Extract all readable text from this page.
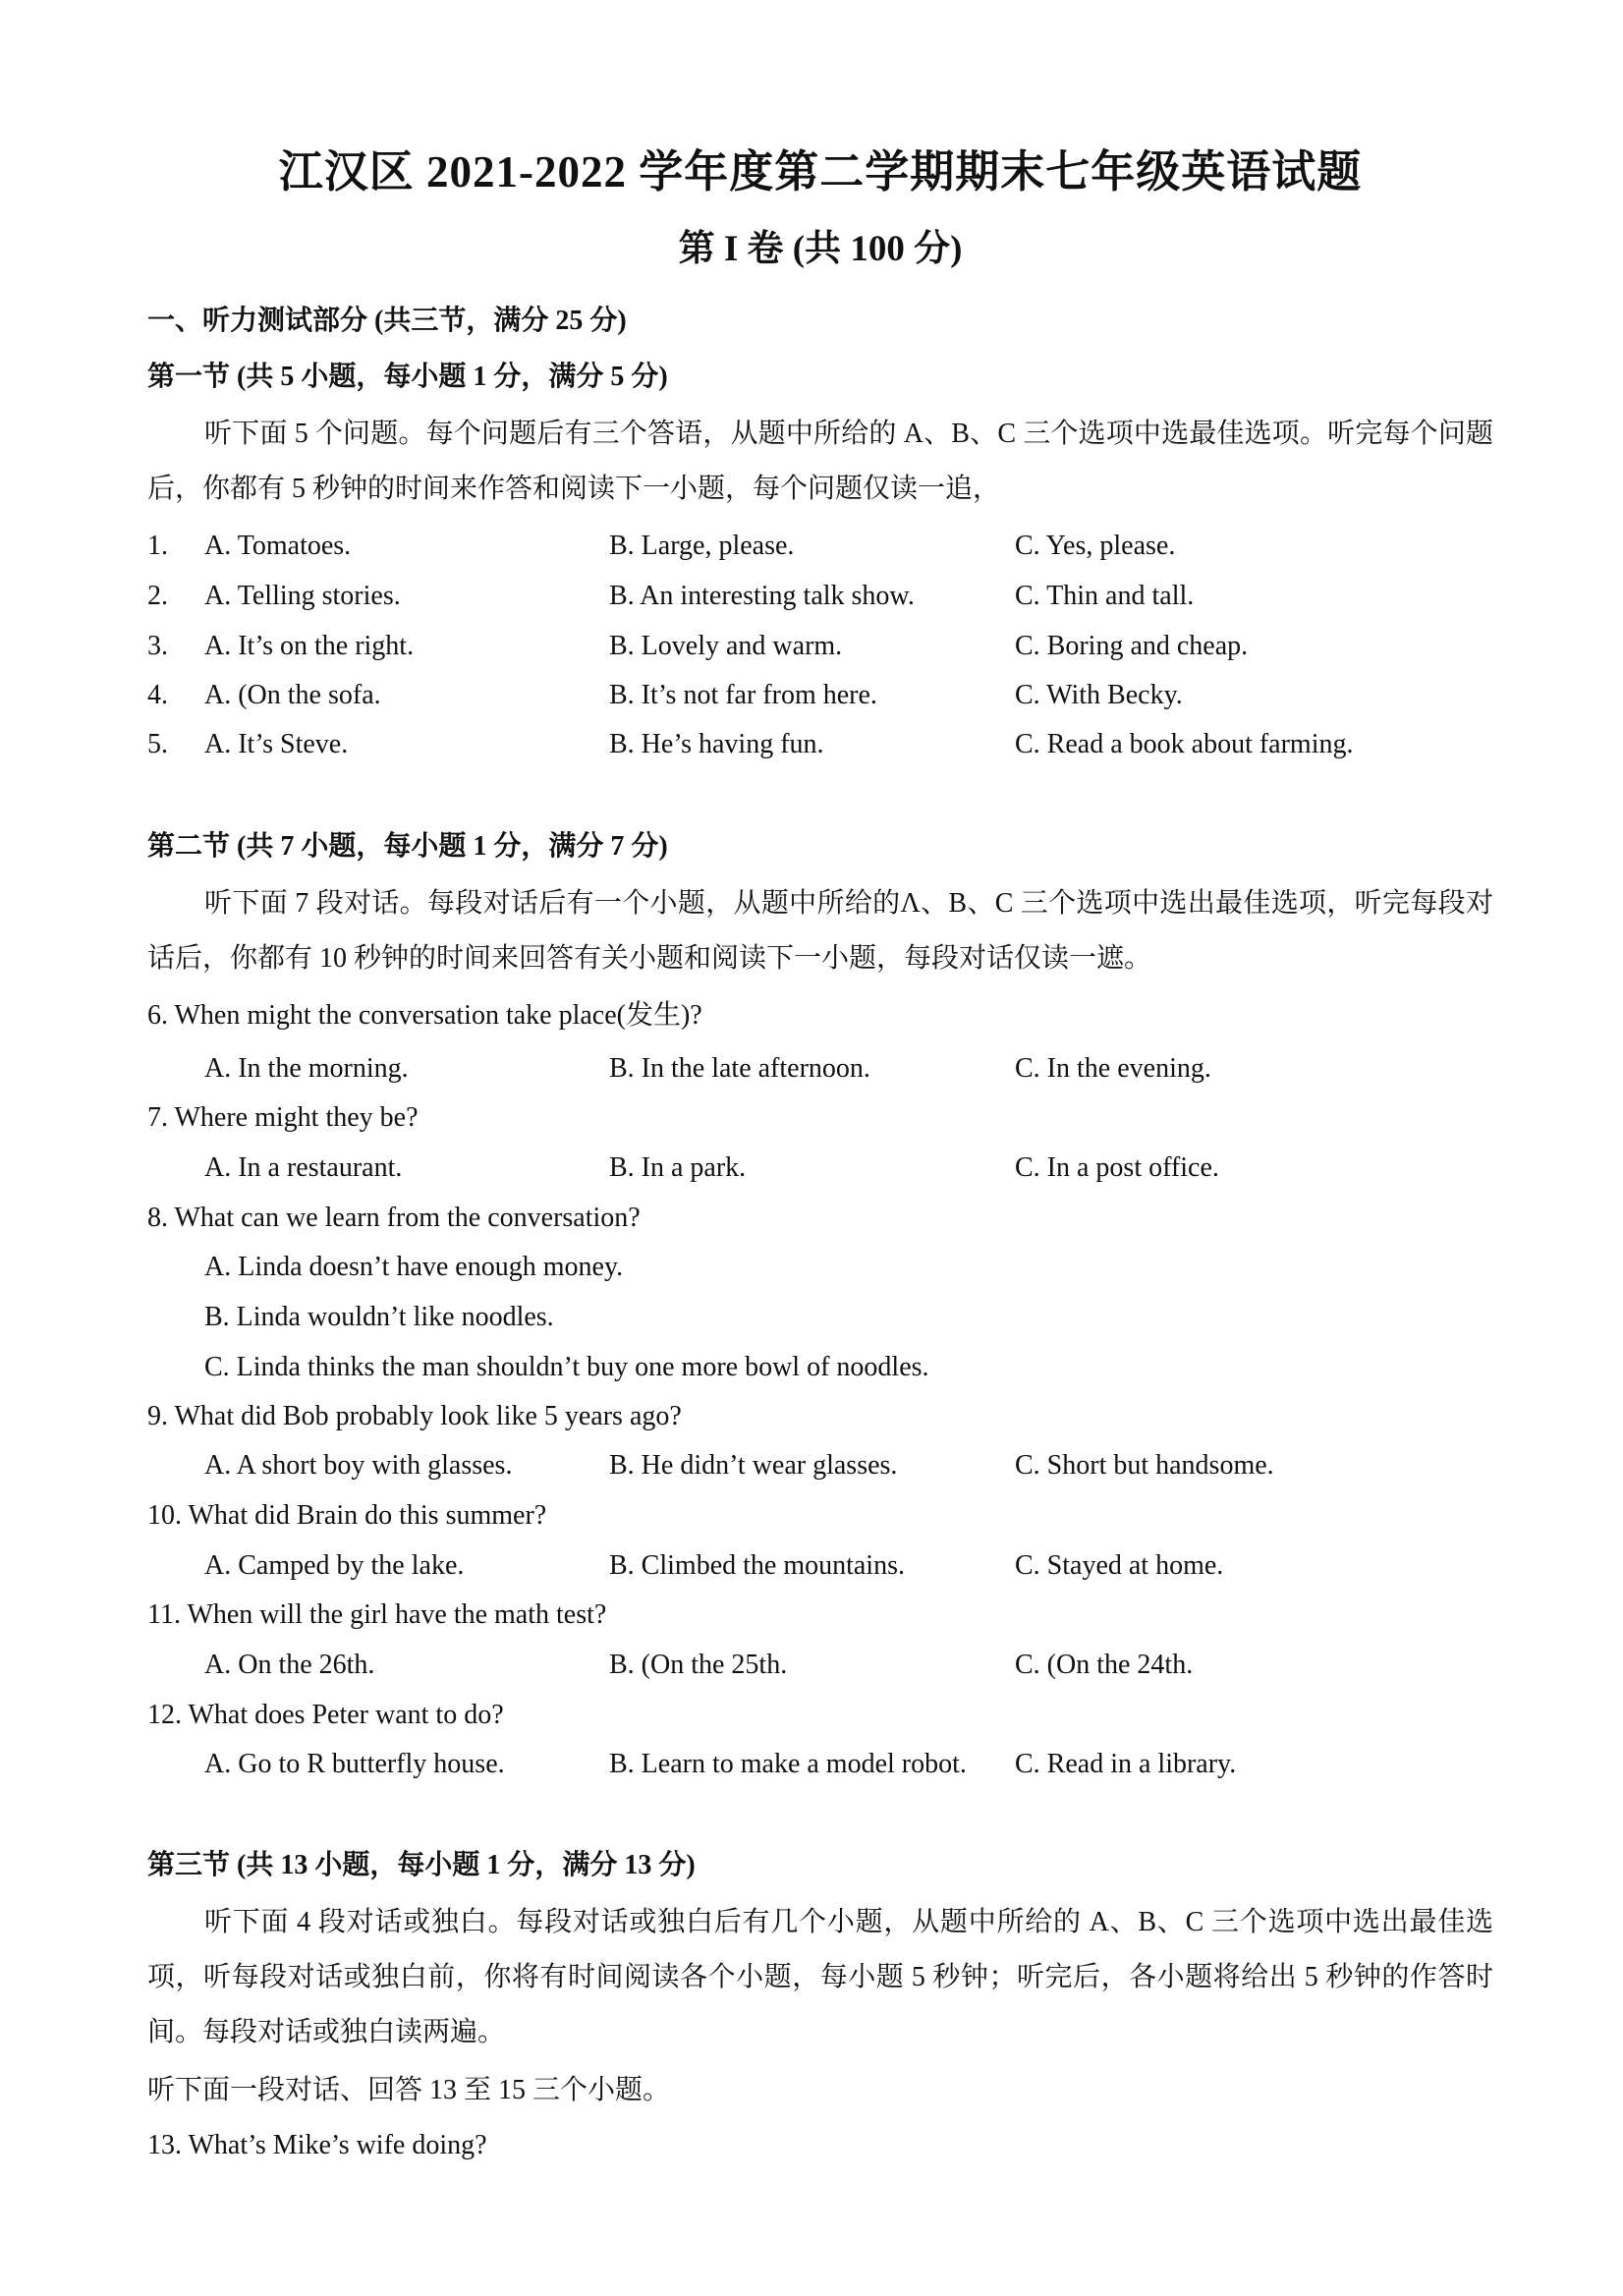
江汉区 2021-2022 学年度第二学期期末七年级英语试题
第 I 卷 (共 100 分)
一、听力测试部分 (共三节，满分 25 分)
第一节 (共 5 小题，每小题 1 分，满分 5 分)
听下面 5 个问题。每个问题后有三个答语，从题中所给的 A、B、C 三个选项中选最佳选项。听完每个问题后，你都有 5 秒钟的时间来作答和阅读下一小题，每个问题仅读一追，
1. A. Tomatoes.	B. Large, please.	C. Yes, please.
2. A. Telling stories.	B. An interesting talk show.	C. Thin and tall.
3. A. It’s on the right.	B. Lovely and warm.	C. Boring and cheap.
4. A. (On the sofa.	B. It’s not far from here.	C. With Becky.
5. A. It’s Steve.	B. He’s having fun.	C. Read a book about farming.
第二节 (共 7 小题，每小题 1 分，满分 7 分)
听下面 7 段对话。每段对话后有一个小题，从题中所给的Λ、B、C 三个选项中选出最佳选项，听完每段对话后，你都有 10 秒钟的时间来回答有关小题和阅读下一小题，每段对话仅读一遮。
6. When might the conversation take place(发生)?
A. In the morning.	B. In the late afternoon.	C. In the evening.
7. Where might they be?
A. In a restaurant.	B. In a park.	C. In a post office.
8. What can we learn from the conversation?
A. Linda doesn’t have enough money.
B. Linda wouldn’t like noodles.
C. Linda thinks the man shouldn’t buy one more bowl of noodles.
9. What did Bob probably look like 5 years ago?
A. A short boy with glasses.	B. He didn’t wear glasses.	C. Short but handsome.
10. What did Brain do this summer?
A. Camped by the lake.	B. Climbed the mountains.	C. Stayed at home.
11. When will the girl have the math test?
A. On the 26th.	B. (On the 25th.	C. (On the 24th.
12. What does Peter want to do?
A. Go to R butterfly house.	B. Learn to make a model robot. C. Read in a library.
第三节 (共 13 小题，每小题 1 分，满分 13 分)
听下面 4 段对话或独白。每段对话或独白后有几个小题，从题中所给的 A、B、C 三个选项中选出最佳选项，听每段对话或独白前，你将有时间阅读各个小题，每小题 5 秒钟；听完后，各小题将给出 5 秒钟的作答时间。每段对话或独白读两遍。
听下面一段对话、回答 13 至 15 三个小题。
13. What’s Mike’s wife doing?
